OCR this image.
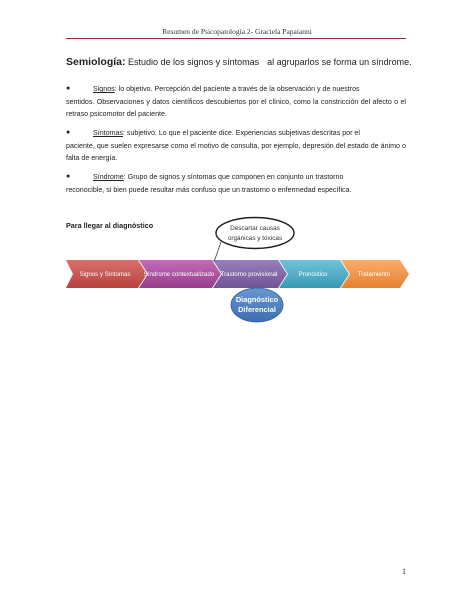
Resumen de Psicopatología 2- Graciela Papaianni
Semiología: Estudio de los signos y síntomas al agruparlos se forma un síndrome.
●	Signos: lo objetivo. Percepción del paciente a través de la observación y de nuestros
sentidos. Observaciones y datos científicos descubiertos por el clínico, como la constricción del afecto o el retraso psicomotor del paciente.
●	Síntomas: subjetivo. Lo que el paciente dice. Experiencias subjetivas descritas por el
paciente, que suelen expresarse como el motivo de consulta, por ejemplo, depresión del estado de ánimo o falta de energía.
●	Síndrome: Grupo de signos y síntomas que componen en conjunto un trastorno
reconocible, si bien puede resultar más confuso que un trastorno o enfermedad específica.
Para llegar al diagnóstico
Signos y Síntomas	Síndrome contextualizado	Trastorno provisional	Pronóstico	Tratamiento
Descartar causas
orgánicas y tóxicas
Diagnóstico
Diferencial
1
